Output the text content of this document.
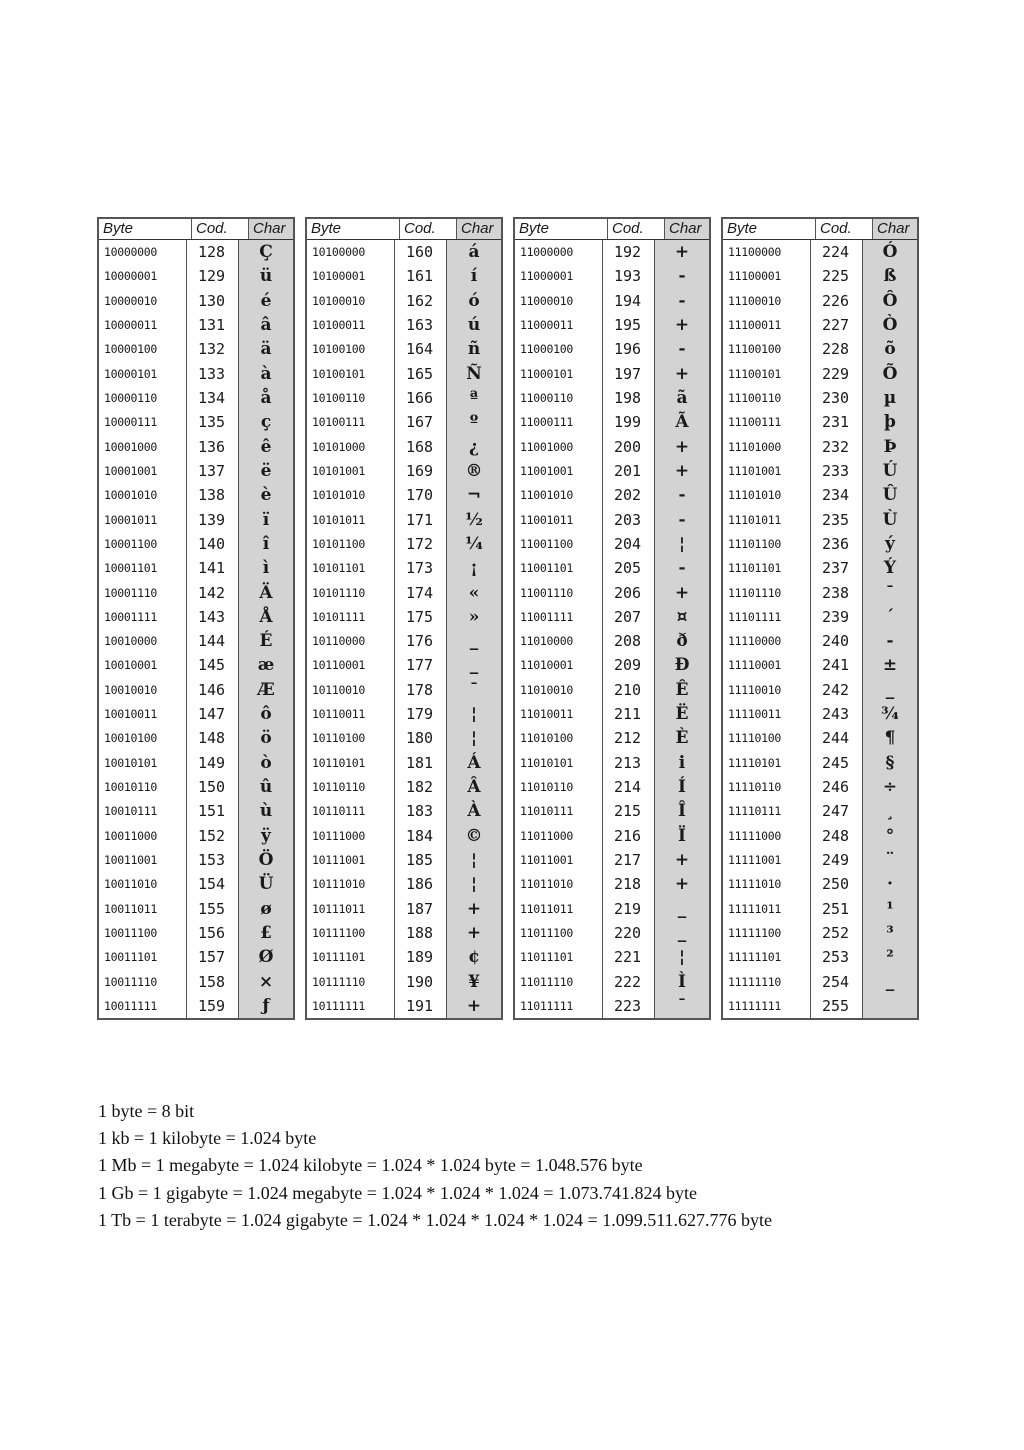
Byte	Cod.	Char
10000000	128	Ç
10000001	129	ü
10000010	130	é
10000011	131	â
10000100	132	ä
10000101	133	à
10000110	134	å
10000111	135	ç
10001000	136	ê
10001001	137	ë
10001010	138	è
10001011	139	ï
10001100	140	î
10001101	141	ì
10001110	142	Ä
10001111	143	Å
10010000	144	É
10010001	145	æ
10010010	146	Æ
10010011	147	ô
10010100	148	ö
10010101	149	ò
10010110	150	û
10010111	151	ù
10011000	152	ÿ
10011001	153	Ö
10011010	154	Ü
10011011	155	ø
10011100	156	£
10011101	157	Ø
10011110	158	×
10011111	159	ƒ
Byte	Cod.	Char
10100000	160	á
10100001	161	í
10100010	162	ó
10100011	163	ú
10100100	164	ñ
10100101	165	Ñ
10100110	166	ª
10100111	167	º
10101000	168	¿
10101001	169	®
10101010	170	¬
10101011	171	½
10101100	172	¼
10101101	173	¡
10101110	174	«
10101111	175	»
10110000	176	_
10110001	177	_
10110010	178	¯
10110011	179	¦
10110100	180	¦
10110101	181	Á
10110110	182	Â
10110111	183	À
10111000	184	©
10111001	185	¦
10111010	186	¦
10111011	187	+
10111100	188	+
10111101	189	¢
10111110	190	¥
10111111	191	+
Byte	Cod.	Char
11000000	192	+
11000001	193	-
11000010	194	-
11000011	195	+
11000100	196	-
11000101	197	+
11000110	198	ã
11000111	199	Ã
11001000	200	+
11001001	201	+
11001010	202	-
11001011	203	-
11001100	204	¦
11001101	205	-
11001110	206	+
11001111	207	¤
11010000	208	ð
11010001	209	Ð
11010010	210	Ê
11010011	211	Ë
11010100	212	È
11010101	213	i
11010110	214	Í
11010111	215	Î
11011000	216	Ï
11011001	217	+
11011010	218	+
11011011	219	_
11011100	220	_
11011101	221	¦
11011110	222	Ì
11011111	223	¯
Byte	Cod.	Char
11100000	224	Ó
11100001	225	ß
11100010	226	Ô
11100011	227	Ò
11100100	228	õ
11100101	229	Õ
11100110	230	µ
11100111	231	þ
11101000	232	Þ
11101001	233	Ú
11101010	234	Û
11101011	235	Ù
11101100	236	ý
11101101	237	Ý
11101110	238	¯
11101111	239	´
11110000	240	-
11110001	241	±
11110010	242	_
11110011	243	¾
11110100	244	¶
11110101	245	§
11110110	246	÷
11110111	247	¸
11111000	248	°
11111001	249	¨
11111010	250	·
11111011	251	¹
11111100	252	³
11111101	253	²
11111110	254	_
11111111	255
1 byte = 8 bit
1 kb = 1 kilobyte = 1.024 byte
1 Mb = 1 megabyte = 1.024 kilobyte = 1.024 * 1.024 byte = 1.048.576 byte
1 Gb = 1 gigabyte = 1.024 megabyte = 1.024 * 1.024 * 1.024 = 1.073.741.824 byte
1 Tb = 1 terabyte = 1.024 gigabyte = 1.024 * 1.024 * 1.024 * 1.024 = 1.099.511.627.776 byte
